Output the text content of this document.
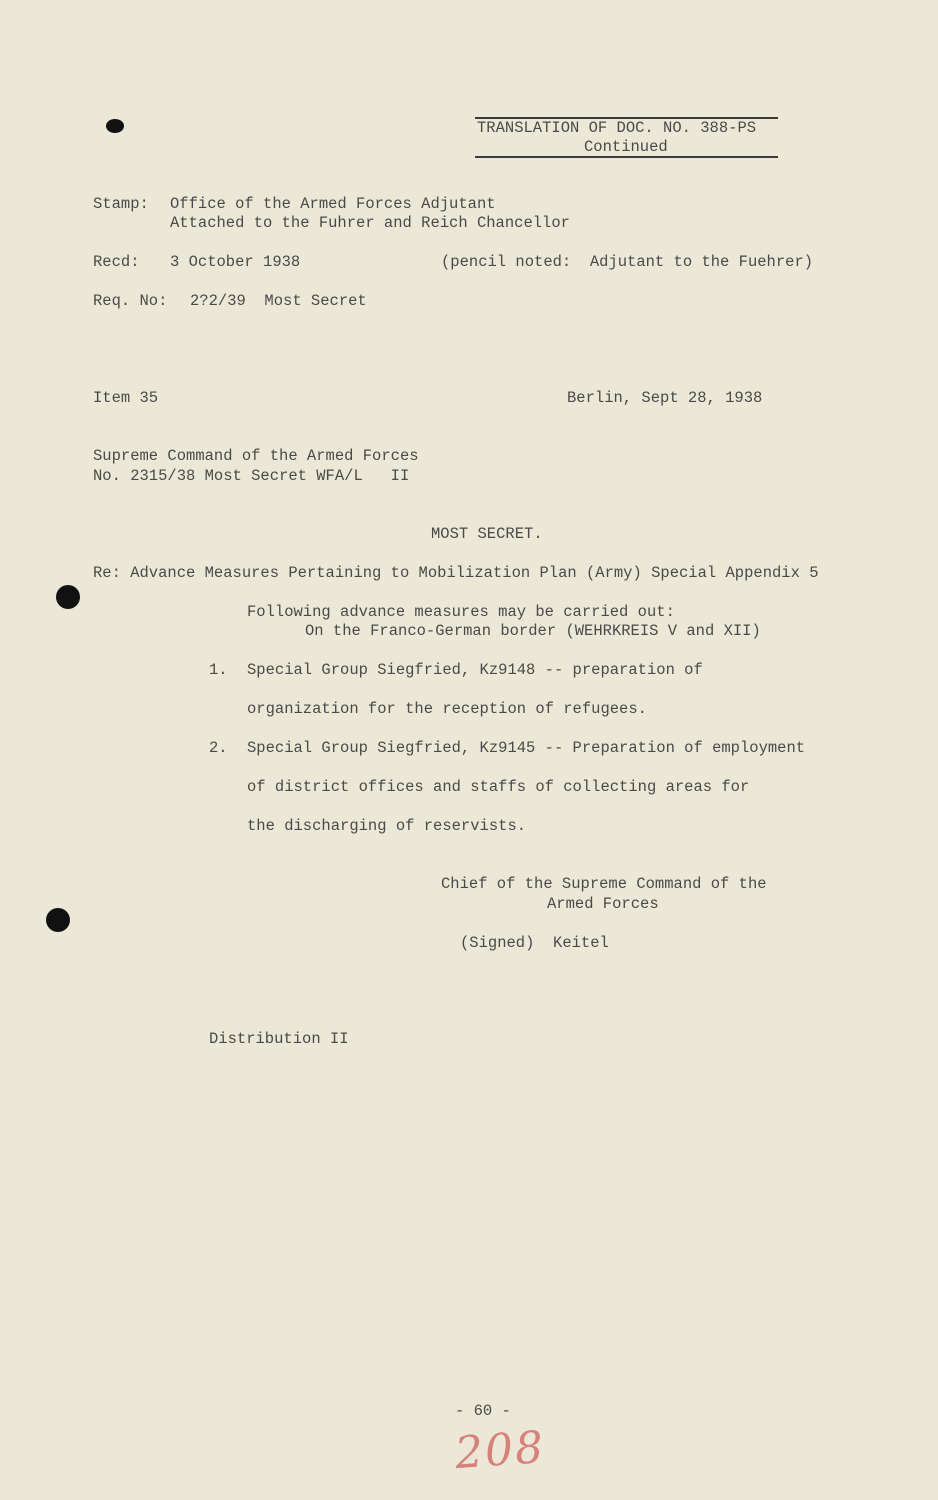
TRANSLATION OF DOC. NO. 388-PS
Continued
Stamp: Office of the Armed Forces Adjutant
Attached to the Fuhrer and Reich Chancellor
Recd: 3 October 1938	(pencil noted:  Adjutant to the Fuehrer)
Req. No: 2?2/39  Most Secret
Item 35	Berlin, Sept 28, 1938
Supreme Command of the Armed Forces
No. 2315/38 Most Secret WFA/L   II
MOST SECRET.
Re: Advance Measures Pertaining to Mobilization Plan (Army) Special Appendix 5
Following advance measures may be carried out:
On the Franco-German border (WEHRKREIS V and XII)
1. Special Group Siegfried, Kz9148 -- preparation of
organization for the reception of refugees.
2. Special Group Siegfried, Kz9145 -- Preparation of employment
of district offices and staffs of collecting areas for
the discharging of reservists.
Chief of the Supreme Command of the
Armed Forces
(Signed)  Keitel
Distribution II
- 60 -
208
